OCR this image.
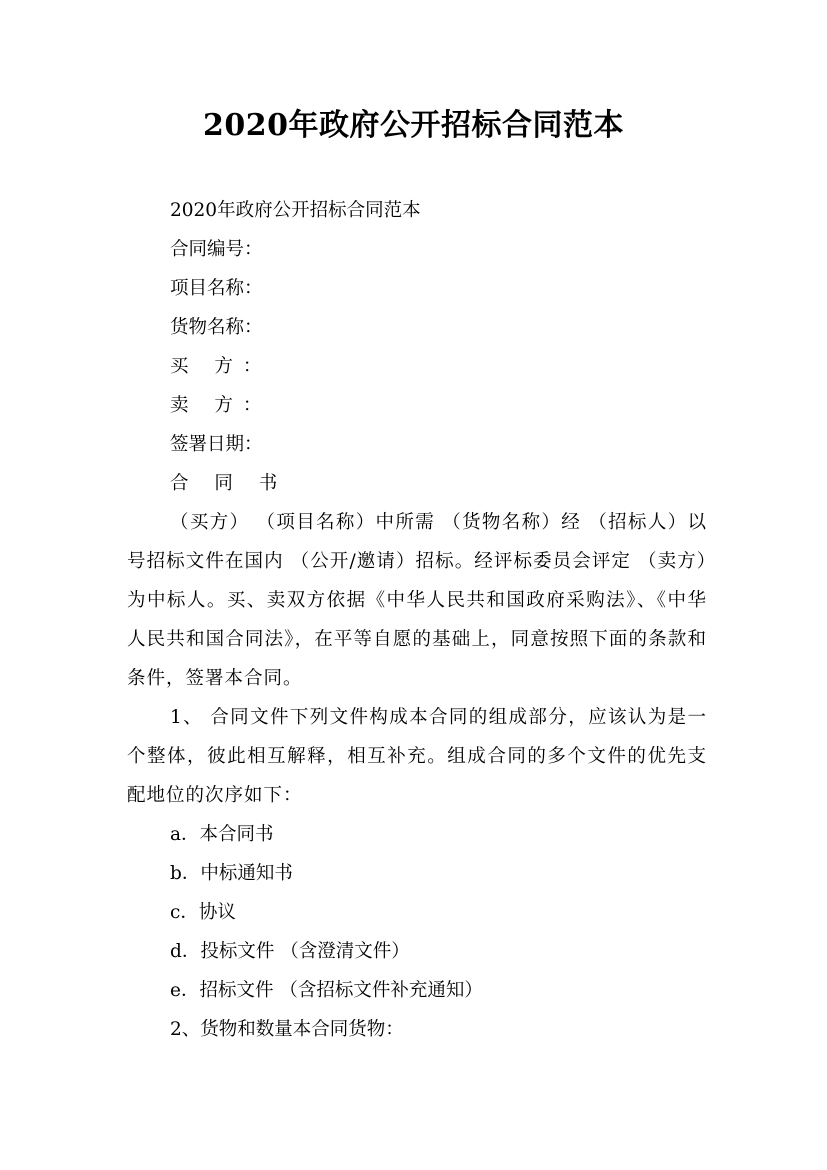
2020年政府公开招标合同范本

2020年政府公开招标合同范本

合同编号：

项目名称：

货物名称：

买 方：

卖 方：

签署日期：

合 同 书

（买方） （项目名称）中所需 （货物名称）经 （招标人）以 号招标文件在国内 （公开/邀请）招标。经评标委员会评定 （卖方）为中标人。买、卖双方依据《中华人民共和国政府采购法》、《中华人民共和国合同法》，在平等自愿的基础上，同意按照下面的条款和条件，签署本合同。

1、 合同文件下列文件构成本合同的组成部分，应该认为是一个整体，彼此相互解释，相互补充。组成合同的多个文件的优先支配地位的次序如下：

a．本合同书

b．中标通知书

c．协议

d．投标文件 （含澄清文件）

e．招标文件 （含招标文件补充通知）

2、货物和数量本合同货物：
